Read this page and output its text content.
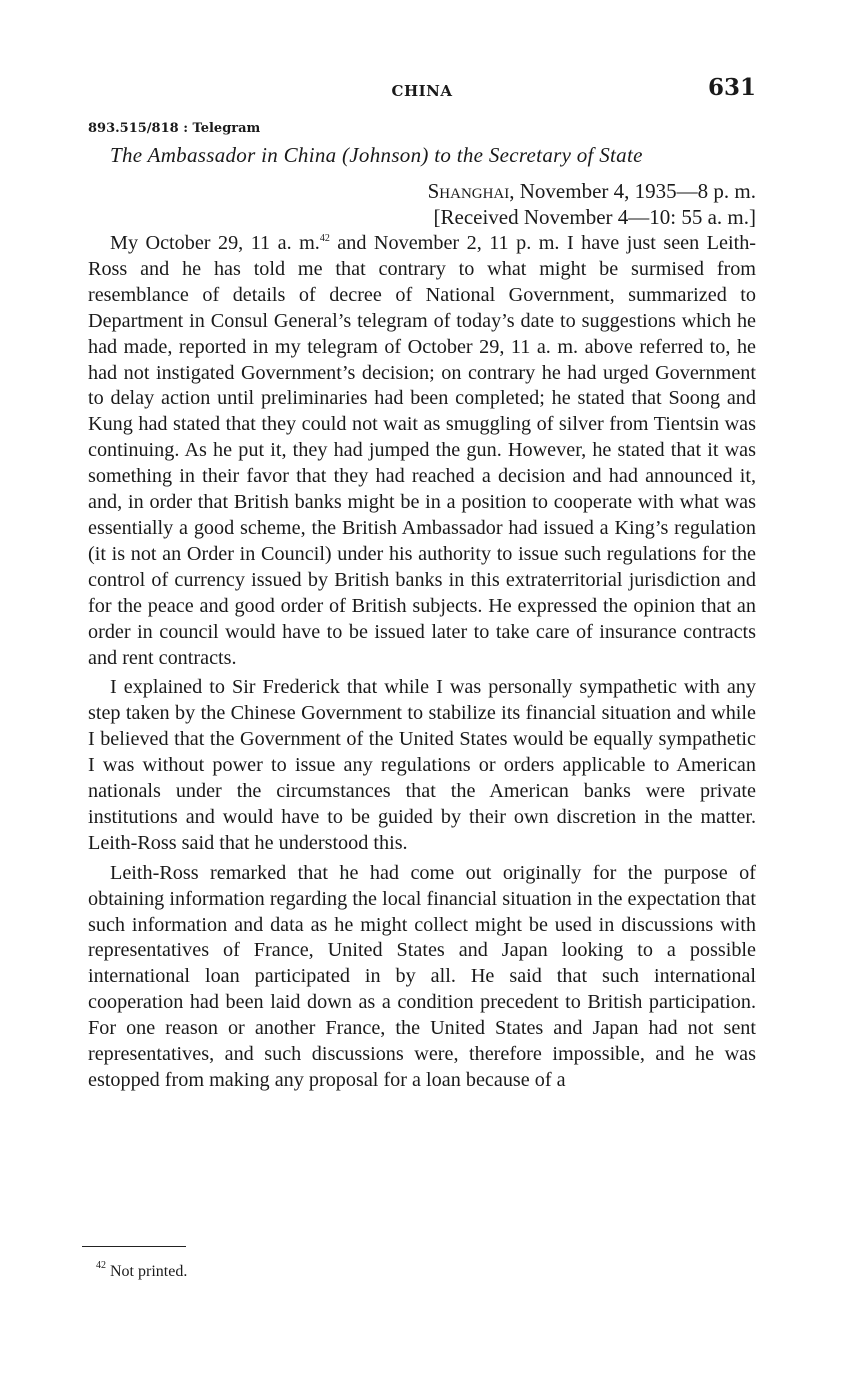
CHINA	631
893.515/818 : Telegram
The Ambassador in China (Johnson) to the Secretary of State
Shanghai, November 4, 1935—8 p. m.
[Received November 4—10: 55 a. m.]

My October 29, 11 a. m.$^{42}$ and November 2, 11 p. m. I have just seen Leith-Ross and he has told me that contrary to what might be surmised from resemblance of details of decree of National Government, summarized to Department in Consul General’s telegram of today’s date to suggestions which he had made, reported in my telegram of October 29, 11 a. m. above referred to, he had not instigated Government’s decision; on contrary he had urged Government to delay action until preliminaries had been completed; he stated that Soong and Kung had stated that they could not wait as smuggling of silver from Tientsin was continuing. As he put it, they had jumped the gun. However, he stated that it was something in their favor that they had reached a decision and had announced it, and, in order that British banks might be in a position to cooperate with what was essentially a good scheme, the British Ambassador had issued a King’s regulation (it is not an Order in Council) under his authority to issue such regulations for the control of currency issued by British banks in this extraterritorial jurisdiction and for the peace and good order of British subjects. He expressed the opinion that an order in council would have to be issued later to take care of insurance contracts and rent contracts.

I explained to Sir Frederick that while I was personally sympathetic with any step taken by the Chinese Government to stabilize its financial situation and while I believed that the Government of the United States would be equally sympathetic I was without power to issue any regulations or orders applicable to American nationals under the circumstances that the American banks were private institutions and would have to be guided by their own discretion in the matter. Leith-Ross said that he understood this.

Leith-Ross remarked that he had come out originally for the purpose of obtaining information regarding the local financial situation in the expectation that such information and data as he might collect might be used in discussions with representatives of France, United States and Japan looking to a possible international loan participated in by all. He said that such international cooperation had been laid down as a condition precedent to British participation. For one reason or another France, the United States and Japan had not sent representatives, and such discussions were, therefore impossible, and he was estopped from making any proposal for a loan because of a

$^{42}$ Not printed.
